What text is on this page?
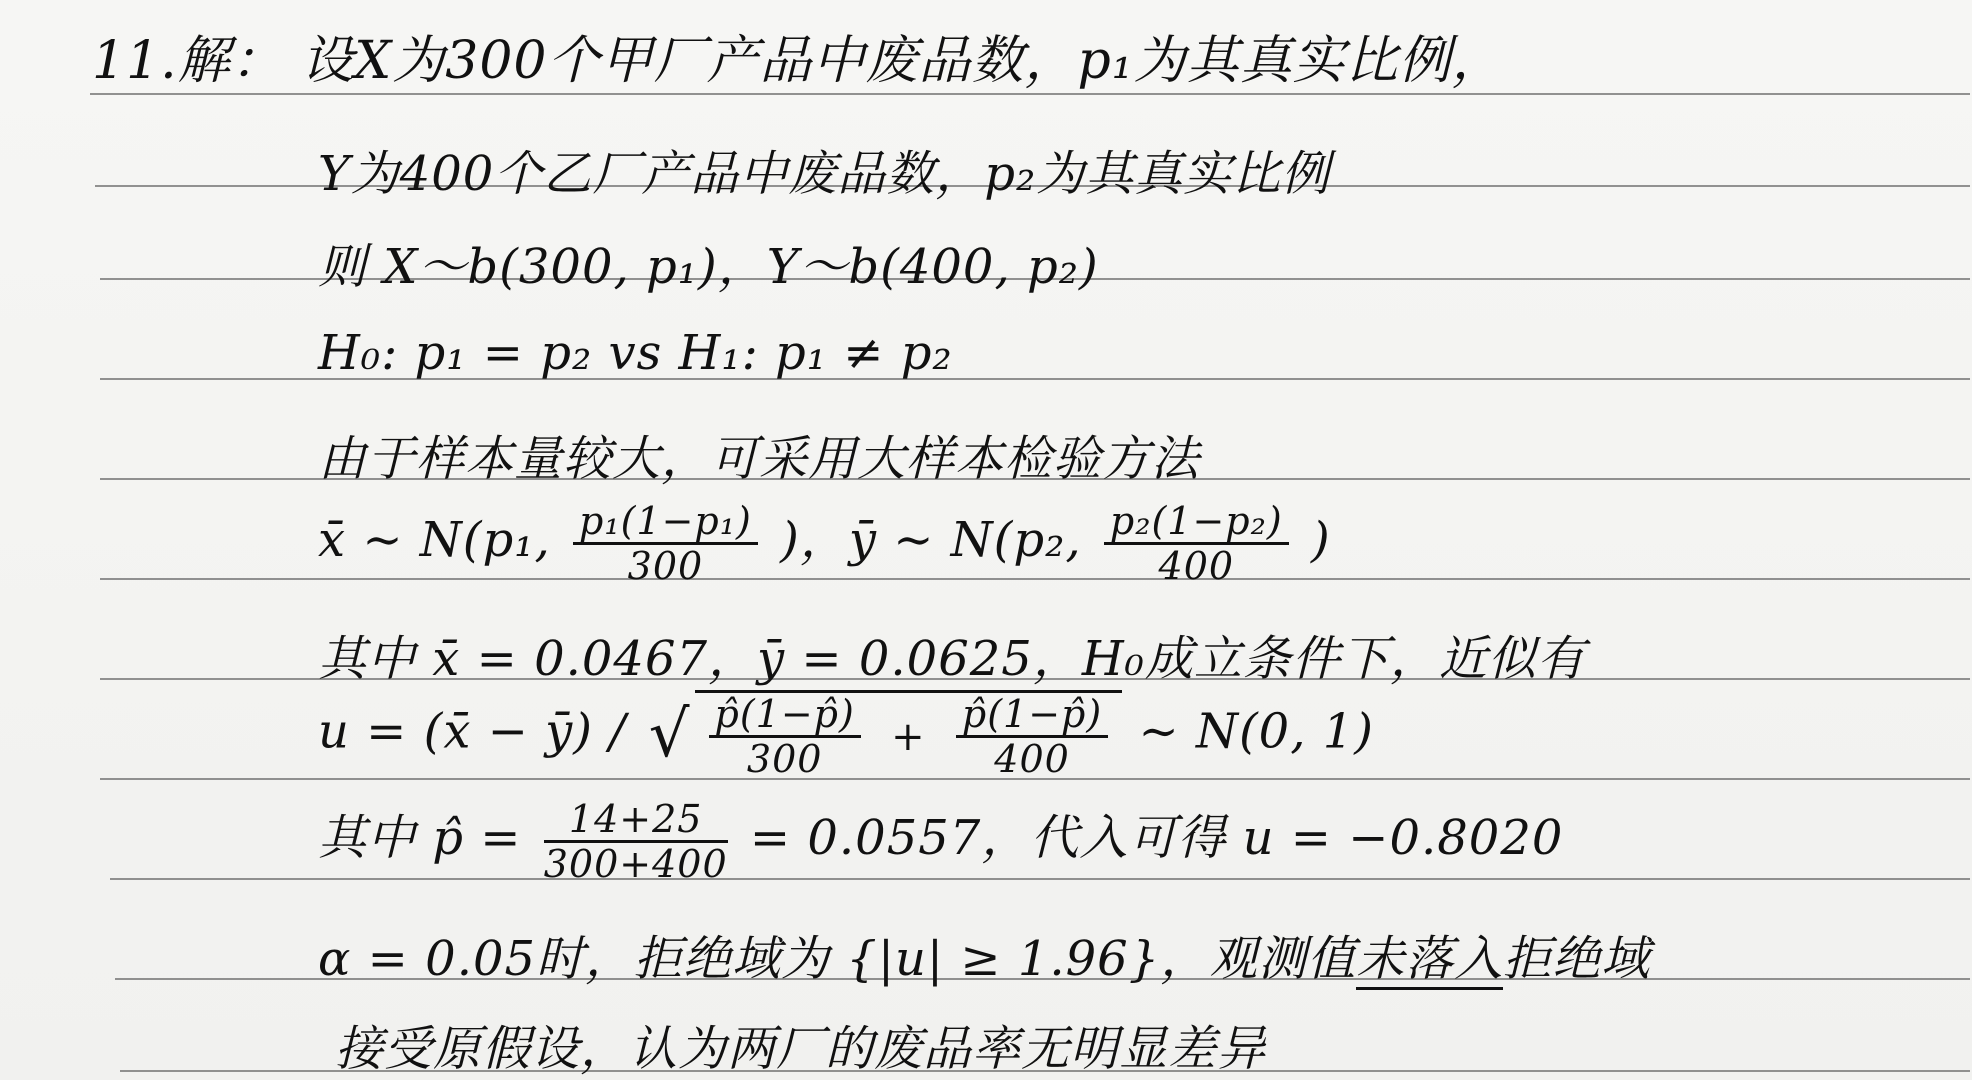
11.解： 设X为300个甲厂产品中废品数，p₁为其真实比例，
Y为400个乙厂产品中废品数，p₂为其真实比例
则 X～b(300, p₁)，Y～b(400, p₂)
H₀: p₁ = p₂ vs H₁: p₁ ≠ p₂
由于样本量较大，可采用大样本检验方法
x̄ ∼ N(p₁, $\frac{\text{p₁(1−p₁)}}{300}$ )，ȳ ∼ N(p₂, $\frac{\text{p₂(1−p₂)}}{400}$ )
其中 x̄ = 0.0467，ȳ = 0.0625，H₀成立条件下，近似有
u = (x̄ − ȳ) / √ $\frac{p̂(1-p̂)}{300} + \frac{p̂(1-p̂)}{400}$ ∼ N(0, 1)
其中 p̂ = $\frac{14+25}{300+400} = 0.0557$，代入可得 u = −0.8020
α = 0.05时，拒绝域为 {|u| ≥ 1.96}，观测值未落入拒绝域
接受原假设，认为两厂的废品率无明显差异
